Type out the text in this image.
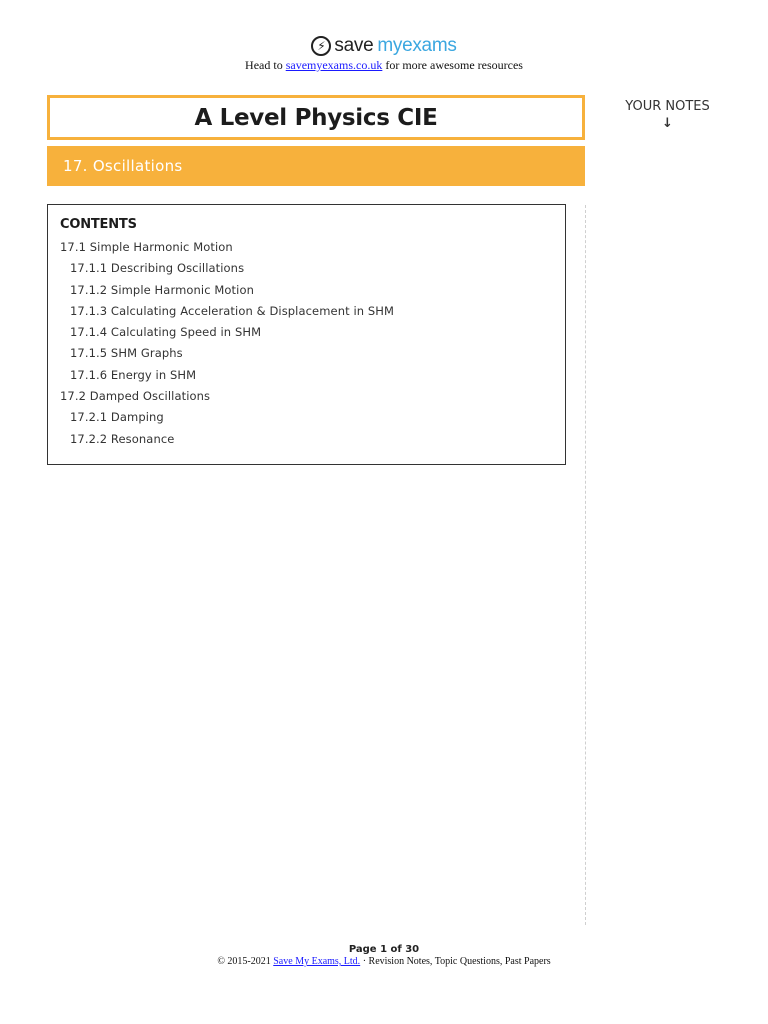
⚡ save myexams
Head to savemyexams.co.uk for more awesome resources
A Level Physics CIE
17. Oscillations
YOUR NOTES
↓
CONTENTS
17.1 Simple Harmonic Motion
17.1.1 Describing Oscillations
17.1.2 Simple Harmonic Motion
17.1.3 Calculating Acceleration & Displacement in SHM
17.1.4 Calculating Speed in SHM
17.1.5 SHM Graphs
17.1.6 Energy in SHM
17.2 Damped Oscillations
17.2.1 Damping
17.2.2 Resonance
Page 1 of 30
© 2015-2021 Save My Exams, Ltd. · Revision Notes, Topic Questions, Past Papers
